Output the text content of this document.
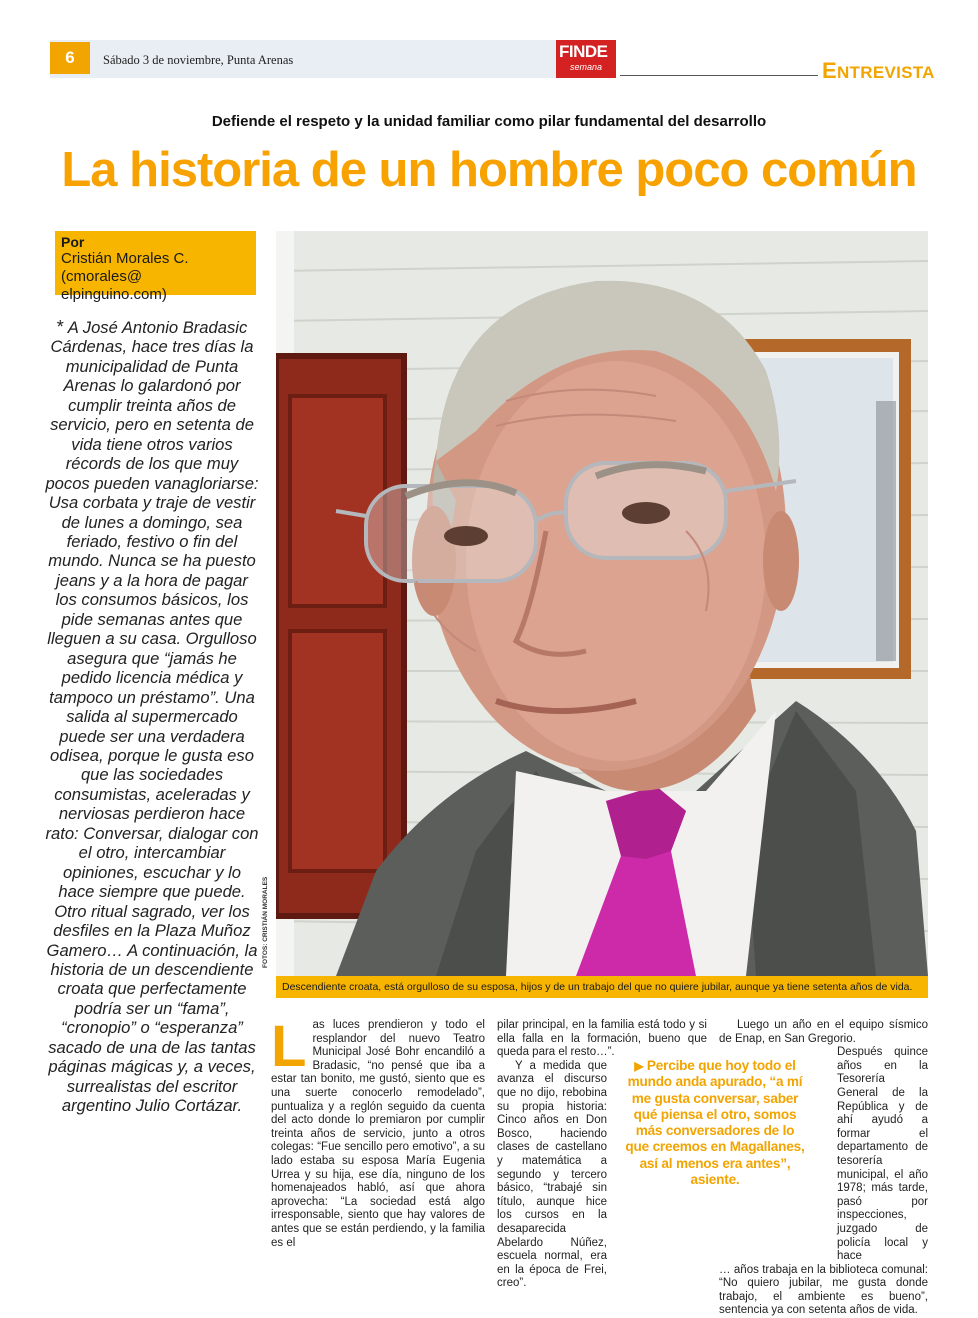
6	Sábado 3 de noviembre, Punta Arenas	FINDE
semana	ENTREVISTA
Defiende el respeto y la unidad familiar como pilar fundamental del desarrollo
La historia de un hombre poco común
Por
Cristián Morales C. (cmorales@ elpinguino.com)
* A José Antonio Bradasic Cárdenas, hace tres días la municipalidad de Punta Arenas lo galardonó por cumplir treinta años de servicio, pero en setenta de vida tiene otros varios récords de los que muy pocos pueden vanagloriarse: Usa corbata y traje de vestir de lunes a domingo, sea feriado, festivo o fin del mundo. Nunca se ha puesto jeans y a la hora de pagar los consumos básicos, los pide semanas antes que lleguen a su casa. Orgulloso asegura que “jamás he pedido licencia médica y tampoco un préstamo”. Una salida al supermercado puede ser una verdadera odisea, porque le gusta eso que las sociedades consumistas, aceleradas y nerviosas perdieron hace rato: Conversar, dialogar con el otro, intercambiar opiniones, escuchar y lo hace siempre que puede. Otro ritual sagrado, ver los desfiles en la Plaza Muñoz Gamero… A continuación, la historia de un descendiente croata que perfectamente podría ser un “fama”, “cronopio” o “esperanza” sacado de una de las tantas páginas mágicas y, a veces, surrealistas del escritor argentino Julio Cortázar.
FOTOS: CRISTIÁN MORALES
Descendiente croata, está orgulloso de su esposa, hijos y de un trabajo del que no quiere jubilar, aunque ya tiene setenta años de vida.
L as luces prendieron y todo el resplandor del nuevo Teatro Municipal José Bohr encandiló a Bradasic, “no pensé que iba a estar tan bonito, me gustó, siento que es una suerte conocerlo remodelado”, puntualiza y a reglón seguido da cuenta del acto donde lo premiaron por cumplir treinta años de servicio, junto a otros colegas: “Fue sencillo pero emotivo”, a su lado estaba su esposa María Eugenia Urrea y su hija, ese día, ninguno de los homenajeados habló, así que ahora aprovecha: “La sociedad está algo irresponsable, siento que hay valores de antes que se están perdiendo, y la familia es el

pilar principal, en la familia está todo y si ella falla en la formación, bueno que queda para el resto…”.

Y a medida que avanza el discurso que no dijo, rebobina su propia historia: Cinco años en Don Bosco, haciendo clases de castellano y matemática a segundo y tercero básico, “trabajé sin título, aunque hice los cursos en la desaparecida Abelardo Núñez, escuela normal, era en la época de Frei, creo”.

▶ Percibe que hoy todo el mundo anda apurado, “a mí me gusta conversar, saber qué piensa el otro, somos más conversadores de lo que creemos en Magallanes, así al menos era antes”, asiente.

Luego un año en el equipo sísmico de Enap, en San Gregorio.

Después quince años en la Tesorería General de la República y de ahí ayudó a formar el departamento de tesorería municipal, el año 1978; más tarde, pasó por inspecciones, juzgado de policía local y hace

… años trabaja en la biblioteca comunal: “No quiero jubilar, me gusta donde trabajo, el ambiente es bueno”, sentencia ya con setenta años de vida.
